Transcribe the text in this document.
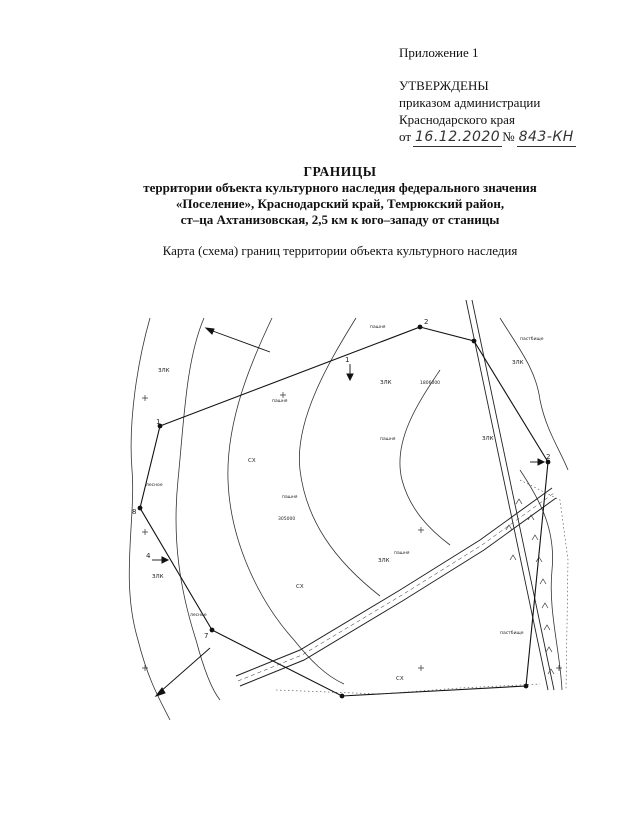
Приложение 1
УТВЕРЖДЕНЫ
приказом администрации
Краснодарского края
от 16.12.2020 № 843-КН
ГРАНИЦЫ
территории объекта культурного наследия федерального значения
«Поселение», Краснодарский край, Темрюкский район,
ст–ца Ахтанизовская, 2,5 км к юго–западу от станицы
Карта (схема) границ территории объекта культурного наследия
1
2
8
7
1
2
4
СХ
ЗЛК
ЗЛК
ЗЛК
СХ
ЗЛК
ЗЛК
ЗЛК
СХ
1806000
305000
пашня
пашня
лесное
лесное
пашня
пашня
пашня
пастбище
пастбище
